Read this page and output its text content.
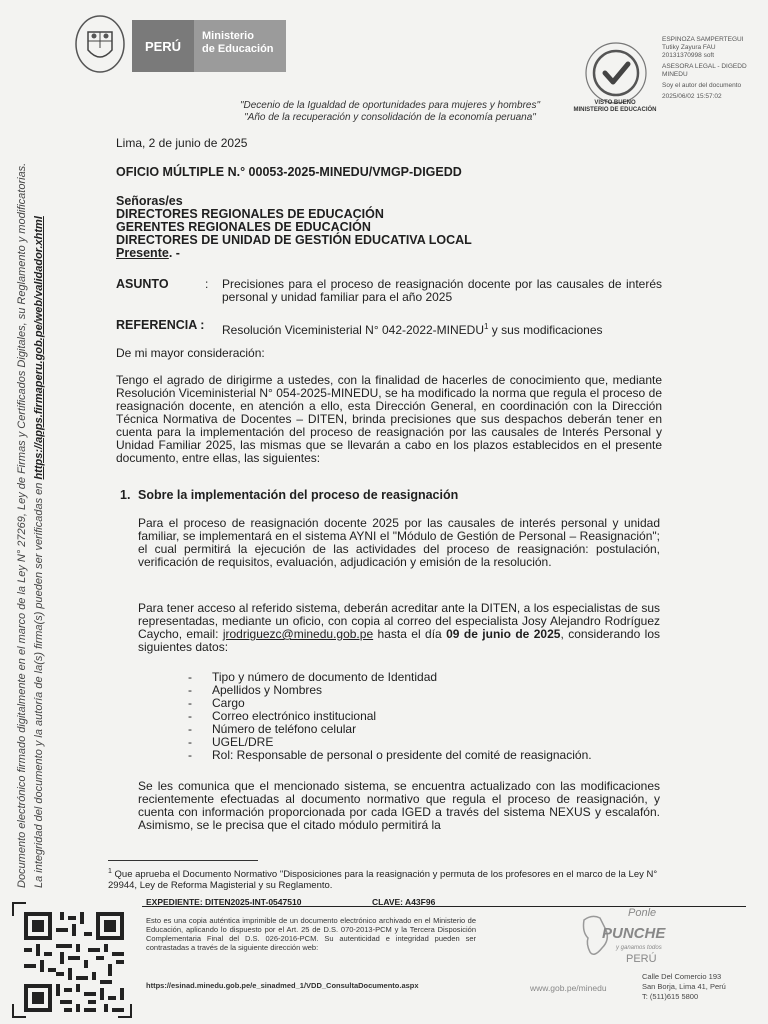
PERÚ
Ministerio
de Educación
VISTO BUENO
MINISTERIO DE EDUCACIÓN
ESPINOZA SAMPERTEGUI
Tutiky Zayura FAU
20131370998 soft
ASESORA LEGAL - DIGEDD
MINEDU
Soy el autor del documento
2025/06/02 15:57:02
"Decenio de la Igualdad de oportunidades para mujeres y hombres"
"Año de la recuperación y consolidación de la economía peruana"
Documento electrónico firmado digitalmente en el marco de la Ley N° 27269, Ley de Firmas y Certificados Digitales, su Reglamento y modificatorias. La integridad del documento y la autoría de la(s) firma(s) pueden ser verificadas en https://apps.firmaperu.gob.pe/web/validador.xhtml
Lima, 2 de junio de 2025
OFICIO MÚLTIPLE N.° 00053-2025-MINEDU/VMGP-DIGEDD
Señoras/es
DIRECTORES REGIONALES DE EDUCACIÓN
GERENTES REGIONALES DE EDUCACIÓN
DIRECTORES DE UNIDAD DE GESTIÓN EDUCATIVA LOCAL
Presente. -
ASUNTO	: Precisiones para el proceso de reasignación docente por las causales de interés personal y unidad familiar para el año 2025
REFERENCIA : Resolución Viceministerial N° 042-2022-MINEDU$^1$ y sus modificaciones
De mi mayor consideración:
Tengo el agrado de dirigirme a ustedes, con la finalidad de hacerles de conocimiento que, mediante Resolución Viceministerial N° 054-2025-MINEDU, se ha modificado la norma que regula el proceso de reasignación docente, en atención a ello, esta Dirección General, en coordinación con la Dirección Técnica Normativa de Docentes – DITEN, brinda precisiones que sus despachos deberán tener en cuenta para la implementación del proceso de reasignación por las causales de Interés Personal y Unidad Familiar 2025, las mismas que se llevarán a cabo en los plazos establecidos en el presente documento, entre ellas, las siguientes:
1. Sobre la implementación del proceso de reasignación
Para el proceso de reasignación docente 2025 por las causales de interés personal y unidad familiar, se implementará en el sistema AYNI el "Módulo de Gestión de Personal – Reasignación"; el cual permitirá la ejecución de las actividades del proceso de reasignación: postulación, verificación de requisitos, evaluación, adjudicación y emisión de la resolución.
Para tener acceso al referido sistema, deberán acreditar ante la DITEN, a los especialistas de sus representadas, mediante un oficio, con copia al correo del especialista Josy Alejandro Rodríguez Caycho, email: jrodriguezc@minedu.gob.pe hasta el día 09 de junio de 2025, considerando los siguientes datos:
- Tipo y número de documento de Identidad
- Apellidos y Nombres
- Cargo
- Correo electrónico institucional
- Número de teléfono celular
- UGEL/DRE
- Rol: Responsable de personal o presidente del comité de reasignación.
Se les comunica que el mencionado sistema, se encuentra actualizado con las modificaciones recientemente efectuadas al documento normativo que regula el proceso de reasignación, y cuenta con información proporcionada por cada IGED a través del sistema NEXUS y escalafón. Asimismo, se le precisa que el citado módulo permitirá la
$^1$ Que aprueba el Documento Normativo "Disposiciones para la reasignación y permuta de los profesores en el marco de la Ley N° 29944, Ley de Reforma Magisterial y su Reglamento.
EXPEDIENTE: DITEN2025-INT-0547510	CLAVE: A43F96
Esto es una copia auténtica imprimible de un documento electrónico archivado en el Ministerio de Educación, aplicando lo dispuesto por el Art. 25 de D.S. 070-2013-PCM y la Tercera Disposición Complementaria Final del D.S. 026-2016-PCM. Su autenticidad e integridad pueden ser contrastadas a través de la siguiente dirección web:
https://esinad.minedu.gob.pe/e_sinadmed_1/VDD_ConsultaDocumento.aspx
Ponle
PUNCHE
y ganamos todos
PERÚ
www.gob.pe/minedu
Calle Del Comercio 193
San Borja, Lima 41, Perú
T: (511)615 5800
